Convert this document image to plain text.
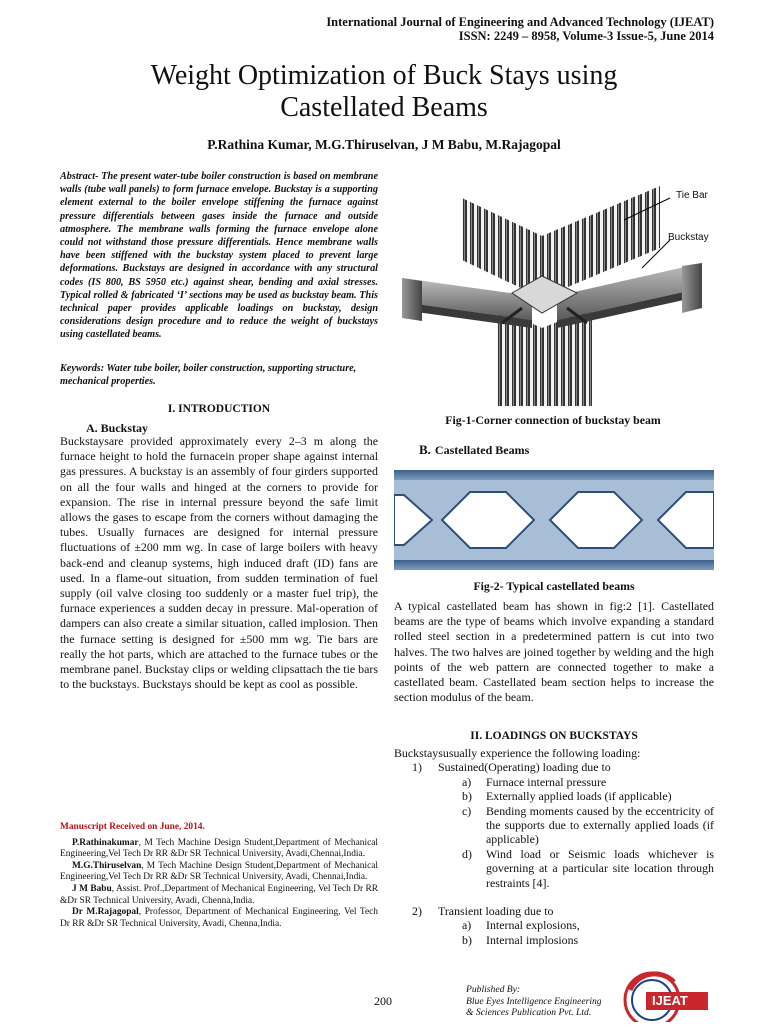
International Journal of Engineering and Advanced Technology (IJEAT)
ISSN: 2249 – 8958, Volume-3 Issue-5, June 2014
Weight Optimization of Buck Stays using
Castellated Beams
P.Rathina Kumar, M.G.Thiruselvan, J M Babu, M.Rajagopal
Abstract- The present water-tube boiler construction is based on membrane walls (tube wall panels) to form furnace envelope. Buckstay is a supporting element external to the boiler envelope stiffening the furnace against pressure differentials between gases inside the furnace and outside atmosphere. The membrane walls forming the furnace envelope alone could not withstand those pressure differentials. Hence membrane walls have been stiffened with the buckstay system placed to prevent large deformations. Buckstays are designed in accordance with any structural codes (IS 800, BS 5950 etc.) against shear, bending and axial stresses. Typical rolled & fabricated ‘I’ sections may be used as buckstay beam. This technical paper provides applicable loadings on buckstay, design considerations design procedure and to reduce the weight of buckstays using castellated beams.
Keywords: Water tube boiler, boiler construction, supporting structure, mechanical properties.
I. INTRODUCTION
A. Buckstay
Buckstaysare provided approximately every 2–3 m along the furnace height to hold the furnacein proper shape against internal gas pressures. A buckstay is an assembly of four girders supported on all the four walls and hinged at the corners to provide for expansion. The rise in internal pressure beyond the safe limit allows the gases to escape from the corners without damaging the tubes. Usually furnaces are designed for internal pressure fluctuations of ±200 mm wg. In case of large boilers with heavy back-end and cleanup systems, high induced draft (ID) fans are used. In a flame-out situation, from sudden termination of fuel supply (oil valve closing too suddenly or a master fuel trip), the furnace experiences a sudden decay in pressure. Mal-operation of dampers can also create a similar situation, called implosion. Then the furnace setting is designed for ±500 mm wg. Tie bars are really the hot parts, which are attached to the furnace tubes or the membrane panel. Buckstay clips or welding clipsattach the tie bars to the buckstays. Buckstays should be kept as cool as possible.
Manuscript Received on June, 2014.
P.Rathinakumar, M Tech Machine Design Student,Department of Mechanical Engineering,Vel Tech Dr RR &Dr SR Technical University, Avadi,Chennai,India.
M.G.Thiruselvan, M Tech Machine Design Student,Department of Mechanical Engineering,Vel Tech Dr RR &Dr SR Technical University, Avadi, Chennai,India.
J M Babu, Assist. Prof.,Department of Mechanical Engineering, Vel Tech Dr RR &Dr SR Technical University, Avadi, Chenna,India.
Dr M.Rajagopal, Professor, Department of Mechanical Engineering, Vel Tech Dr RR &Dr SR Technical University, Avadi, Chenna,India.
Tie Bar
Buckstay
Fig-1-Corner connection of buckstay beam
B. Castellated Beams
Fig-2- Typical castellated beams
A typical castellated beam has shown in fig:2 [1]. Castellated beams are the type of beams which involve expanding a standard rolled steel section in a predetermined pattern is cut into two halves. The two halves are joined together by welding and the high points of the web pattern are connected together to make a castellated beam. Castellated beam section helps to increase the section modulus of the beam.
II. LOADINGS ON BUCKSTAYS
Buckstaysusually experience the following loading:
1) Sustained(Operating) loading due to
a) Furnace internal pressure
b) Externally applied loads (if applicable)
c) Bending moments caused by the eccentricity of the supports due to externally applied loads (if applicable)
d) Wind load or Seismic loads whichever is governing at a particular site location through restraints [4].
2) Transient loading due to
a) Internal explosions,
b) Internal implosions
200
Published By:
Blue Eyes Intelligence Engineering
& Sciences Publication Pvt. Ltd.
IJEAT
